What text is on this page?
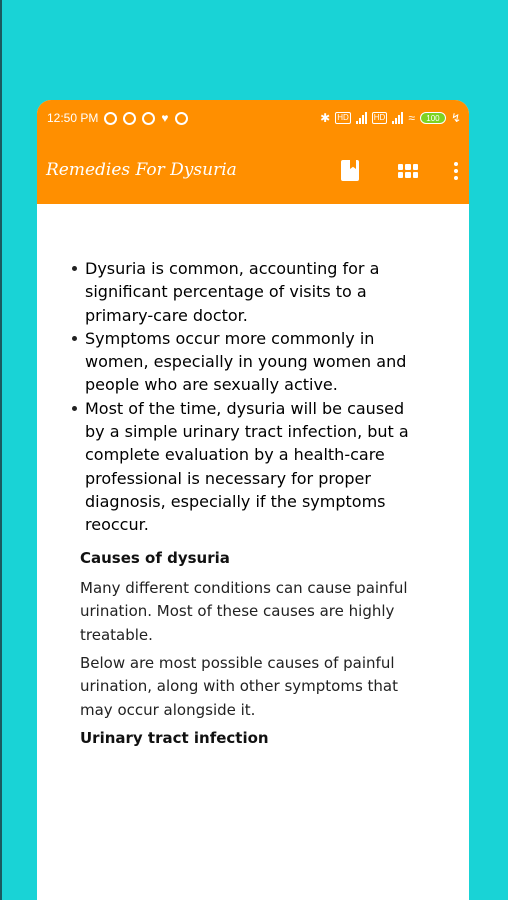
12:50 PM	♥	✱ HD	HD ≈	100 ↯
Remedies For Dysuria
Dysuria is common, accounting for a significant percentage of visits to a primary-care doctor.
Symptoms occur more commonly in women, especially in young women and people who are sexually active.
Most of the time, dysuria will be caused by a simple urinary tract infection, but a complete evaluation by a health-care professional is necessary for proper diagnosis, especially if the symptoms reoccur.
Causes of dysuria

Many different conditions can cause painful urination. Most of these causes are highly treatable.

Below are most possible causes of painful urination, along with other symptoms that may occur alongside it.

Urinary tract infection
